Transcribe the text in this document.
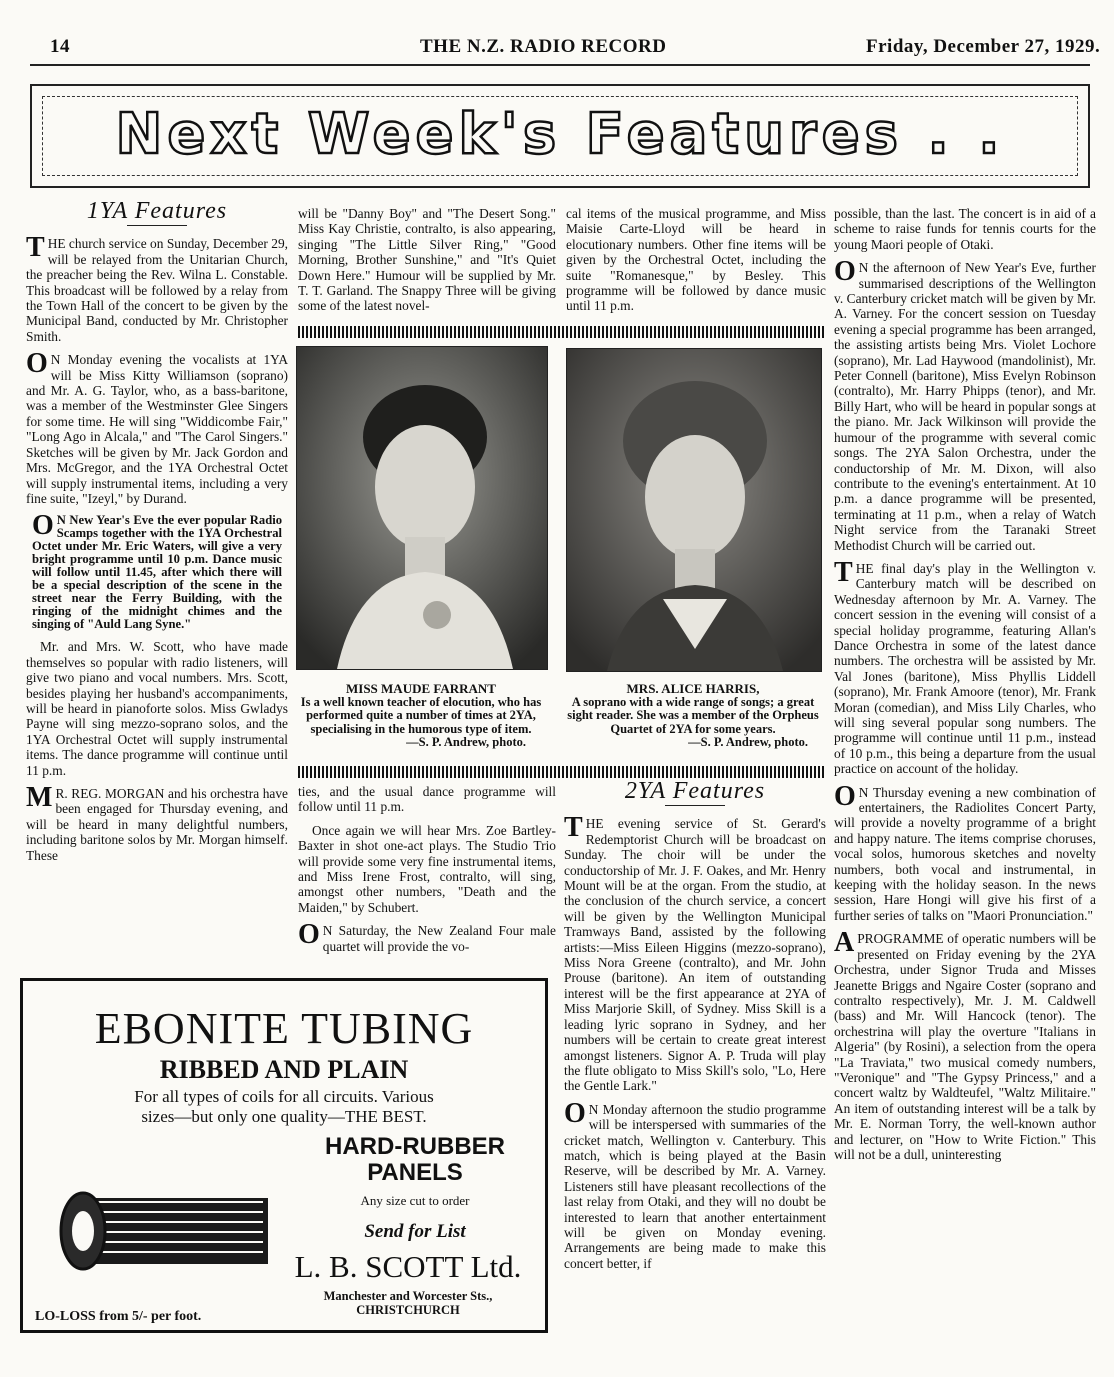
14	THE N.Z. RADIO RECORD	Friday, December 27, 1929.
Next Week's Features . .
1YA Features

THE church service on Sunday, December 29, will be relayed from the Unitarian Church, the preacher being the Rev. Wilna L. Constable. This broadcast will be followed by a relay from the Town Hall of the concert to be given by the Municipal Band, conducted by Mr. Christopher Smith.

O N Monday evening the vocalists at 1YA will be Miss Kitty Williamson (soprano) and Mr. A. G. Taylor, who, as a bass-baritone, was a member of the Westminster Glee Singers for some time. He will sing "Widdicombe Fair," "Long Ago in Alcala," and "The Carol Singers." Sketches will be given by Mr. Jack Gordon and Mrs. McGregor, and the 1YA Orchestral Octet will supply instrumental items, including a very fine suite, "Izeyl," by Durand.

O N New Year's Eve the ever popular Radio Scamps together with the 1YA Orchestral Octet under Mr. Eric Waters, will give a very bright programme until 10 p.m. Dance music will follow until 11.45, after which there will be a special description of the scene in the street near the Ferry Building, with the ringing of the midnight chimes and the singing of "Auld Lang Syne."

Mr. and Mrs. W. Scott, who have made themselves so popular with radio listeners, will give two piano and vocal numbers. Mrs. Scott, besides playing her husband's accompaniments, will be heard in pianoforte solos. Miss Gwladys Payne will sing mezzo-soprano solos, and the 1YA Orchestral Octet will supply instrumental items. The dance programme will continue until 11 p.m.

M R. REG. MORGAN and his orchestra have been engaged for Thursday evening, and will be heard in many delightful numbers, including baritone solos by Mr. Morgan himself. These

will be "Danny Boy" and "The Desert Song." Miss Kay Christie, contralto, is also appearing, singing "The Little Silver Ring," "Good Morning, Brother Sunshine," and "It's Quiet Down Here." Humour will be supplied by Mr. T. T. Garland. The Snappy Three will be giving some of the latest novel-

cal items of the musical programme, and Miss Maisie Carte-Lloyd will be heard in elocutionary numbers. Other fine items will be given by the Orchestral Octet, including the suite "Romanesque," by Besley. This programme will be followed by dance music until 11 p.m.

MISS MAUDE FARRANT
Is a well known teacher of elocution, who has performed quite a number of times at 2YA, specialising in the humorous type of item.
—S. P. Andrew, photo.
MRS. ALICE HARRIS,
A soprano with a wide range of songs; a great sight reader. She was a member of the Orpheus Quartet of 2YA for some years.
—S. P. Andrew, photo.

ties, and the usual dance programme will follow until 11 p.m.

Once again we will hear Mrs. Zoe Bartley-Baxter in shot one-act plays. The Studio Trio will provide some very fine instrumental items, and Miss Irene Frost, contralto, will sing, amongst other numbers, "Death and the Maiden," by Schubert.

O N Saturday, the New Zealand Four male quartet will provide the vo-

2YA Features

THE evening service of St. Gerard's Redemptorist Church will be broadcast on Sunday. The choir will be under the conductorship of Mr. J. F. Oakes, and Mr. Henry Mount will be at the organ. From the studio, at the conclusion of the church service, a concert will be given by the Wellington Municipal Tramways Band, assisted by the following artists:—Miss Eileen Higgins (mezzo-soprano), Miss Nora Greene (contralto), and Mr. John Prouse (baritone). An item of outstanding interest will be the first appearance at 2YA of Miss Marjorie Skill, of Sydney. Miss Skill is a leading lyric soprano in Sydney, and her numbers will be certain to create great interest amongst listeners. Signor A. P. Truda will play the flute obligato to Miss Skill's solo, "Lo, Here the Gentle Lark."

O N Monday afternoon the studio programme will be interspersed with summaries of the cricket match, Wellington v. Canterbury. This match, which is being played at the Basin Reserve, will be described by Mr. A. Varney. Listeners still have pleasant recollections of the last relay from Otaki, and they will no doubt be interested to learn that another entertainment will be given on Monday evening. Arrangements are being made to make this concert better, if

possible, than the last. The concert is in aid of a scheme to raise funds for tennis courts for the young Maori people of Otaki.

O N the afternoon of New Year's Eve, further summarised descriptions of the Wellington v. Canterbury cricket match will be given by Mr. A. Varney. For the concert session on Tuesday evening a special programme has been arranged, the assisting artists being Mrs. Violet Lochore (soprano), Mr. Lad Haywood (mandolinist), Mr. Peter Connell (baritone), Miss Evelyn Robinson (contralto), Mr. Harry Phipps (tenor), and Mr. Billy Hart, who will be heard in popular songs at the piano. Mr. Jack Wilkinson will provide the humour of the programme with several comic songs. The 2YA Salon Orchestra, under the conductorship of Mr. M. Dixon, will also contribute to the evening's entertainment. At 10 p.m. a dance programme will be presented, terminating at 11 p.m., when a relay of Watch Night service from the Taranaki Street Methodist Church will be carried out.

THE final day's play in the Wellington v. Canterbury match will be described on Wednesday afternoon by Mr. A. Varney. The concert session in the evening will consist of a special holiday programme, featuring Allan's Dance Orchestra in some of the latest dance numbers. The orchestra will be assisted by Mr. Val Jones (baritone), Miss Phyllis Liddell (soprano), Mr. Frank Amoore (tenor), Mr. Frank Moran (comedian), and Miss Lily Charles, who will sing several popular song numbers. The programme will continue until 11 p.m., instead of 10 p.m., this being a departure from the usual practice on account of the holiday.

O N Thursday evening a new combination of entertainers, the Radiolites Concert Party, will provide a novelty programme of a bright and happy nature. The items comprise choruses, vocal solos, humorous sketches and novelty numbers, both vocal and instrumental, in keeping with the holiday season. In the news session, Hare Hongi will give his first of a further series of talks on "Maori Pronunciation."

A PROGRAMME of operatic numbers will be presented on Friday evening by the 2YA Orchestra, under Signor Truda and Misses Jeanette Briggs and Ngaire Coster (soprano and contralto respectively), Mr. J. M. Caldwell (bass) and Mr. Will Hancock (tenor). The orchestrina will play the overture "Italians in Algeria" (by Rosini), a selection from the opera "La Traviata," two musical comedy numbers, "Veronique" and "The Gypsy Princess," and a concert waltz by Waldteufel, "Waltz Militaire." An item of outstanding interest will be a talk by Mr. E. Norman Torry, the well-known author and lecturer, on "How to Write Fiction." This will not be a dull, uninteresting

EBONITE TUBING
RIBBED AND PLAIN
For all types of coils for all circuits. Various
sizes—but only one quality—THE BEST.
HARD-RUBBER
PANELS
Any size cut to order
Send for List
L. B. SCOTT Ltd.
Manchester and Worcester Sts.,
CHRISTCHURCH
LO-LOSS from 5/- per foot.
